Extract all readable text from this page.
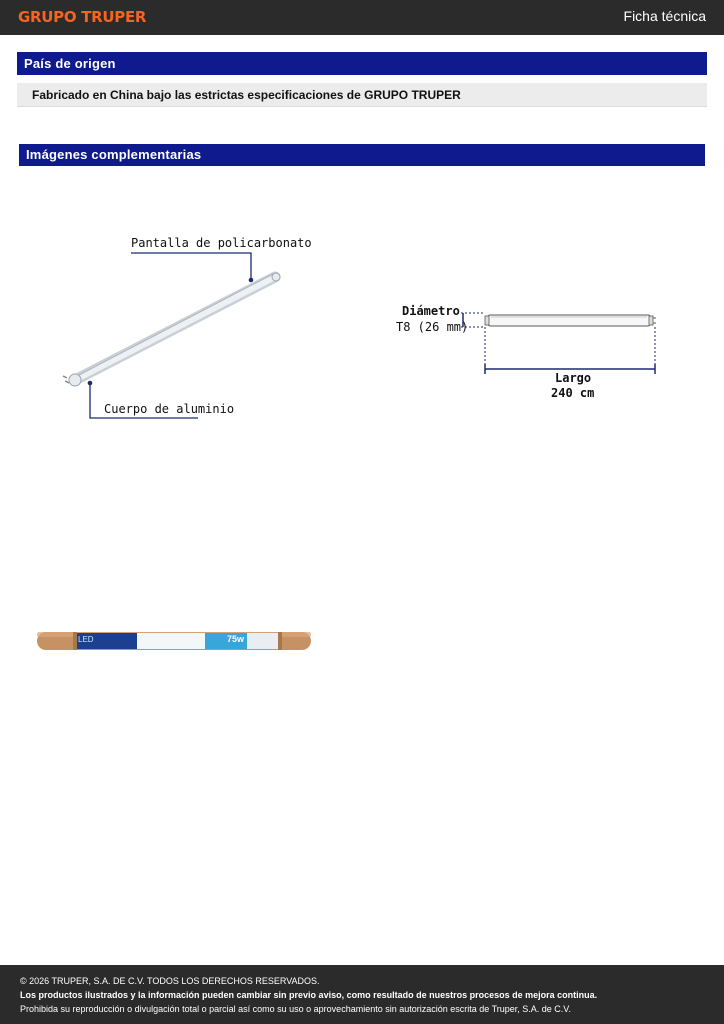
GRUPO TRUPER	Ficha técnica
País de origen
Fabricado en China bajo las estrictas especificaciones de GRUPO TRUPER
Imágenes complementarias
Pantalla de policarbonato
Cuerpo de aluminio
Diámetro
T8 (26 mm)
Largo
240 cm
LED	75w
© 2026 TRUPER, S.A. DE C.V. TODOS LOS DERECHOS RESERVADOS.
Los productos ilustrados y la información pueden cambiar sin previo aviso, como resultado de nuestros procesos de mejora continua.
Prohibida su reproducción o divulgación total o parcial así como su uso o aprovechamiento sin autorización escrita de Truper, S.A. de C.V.
